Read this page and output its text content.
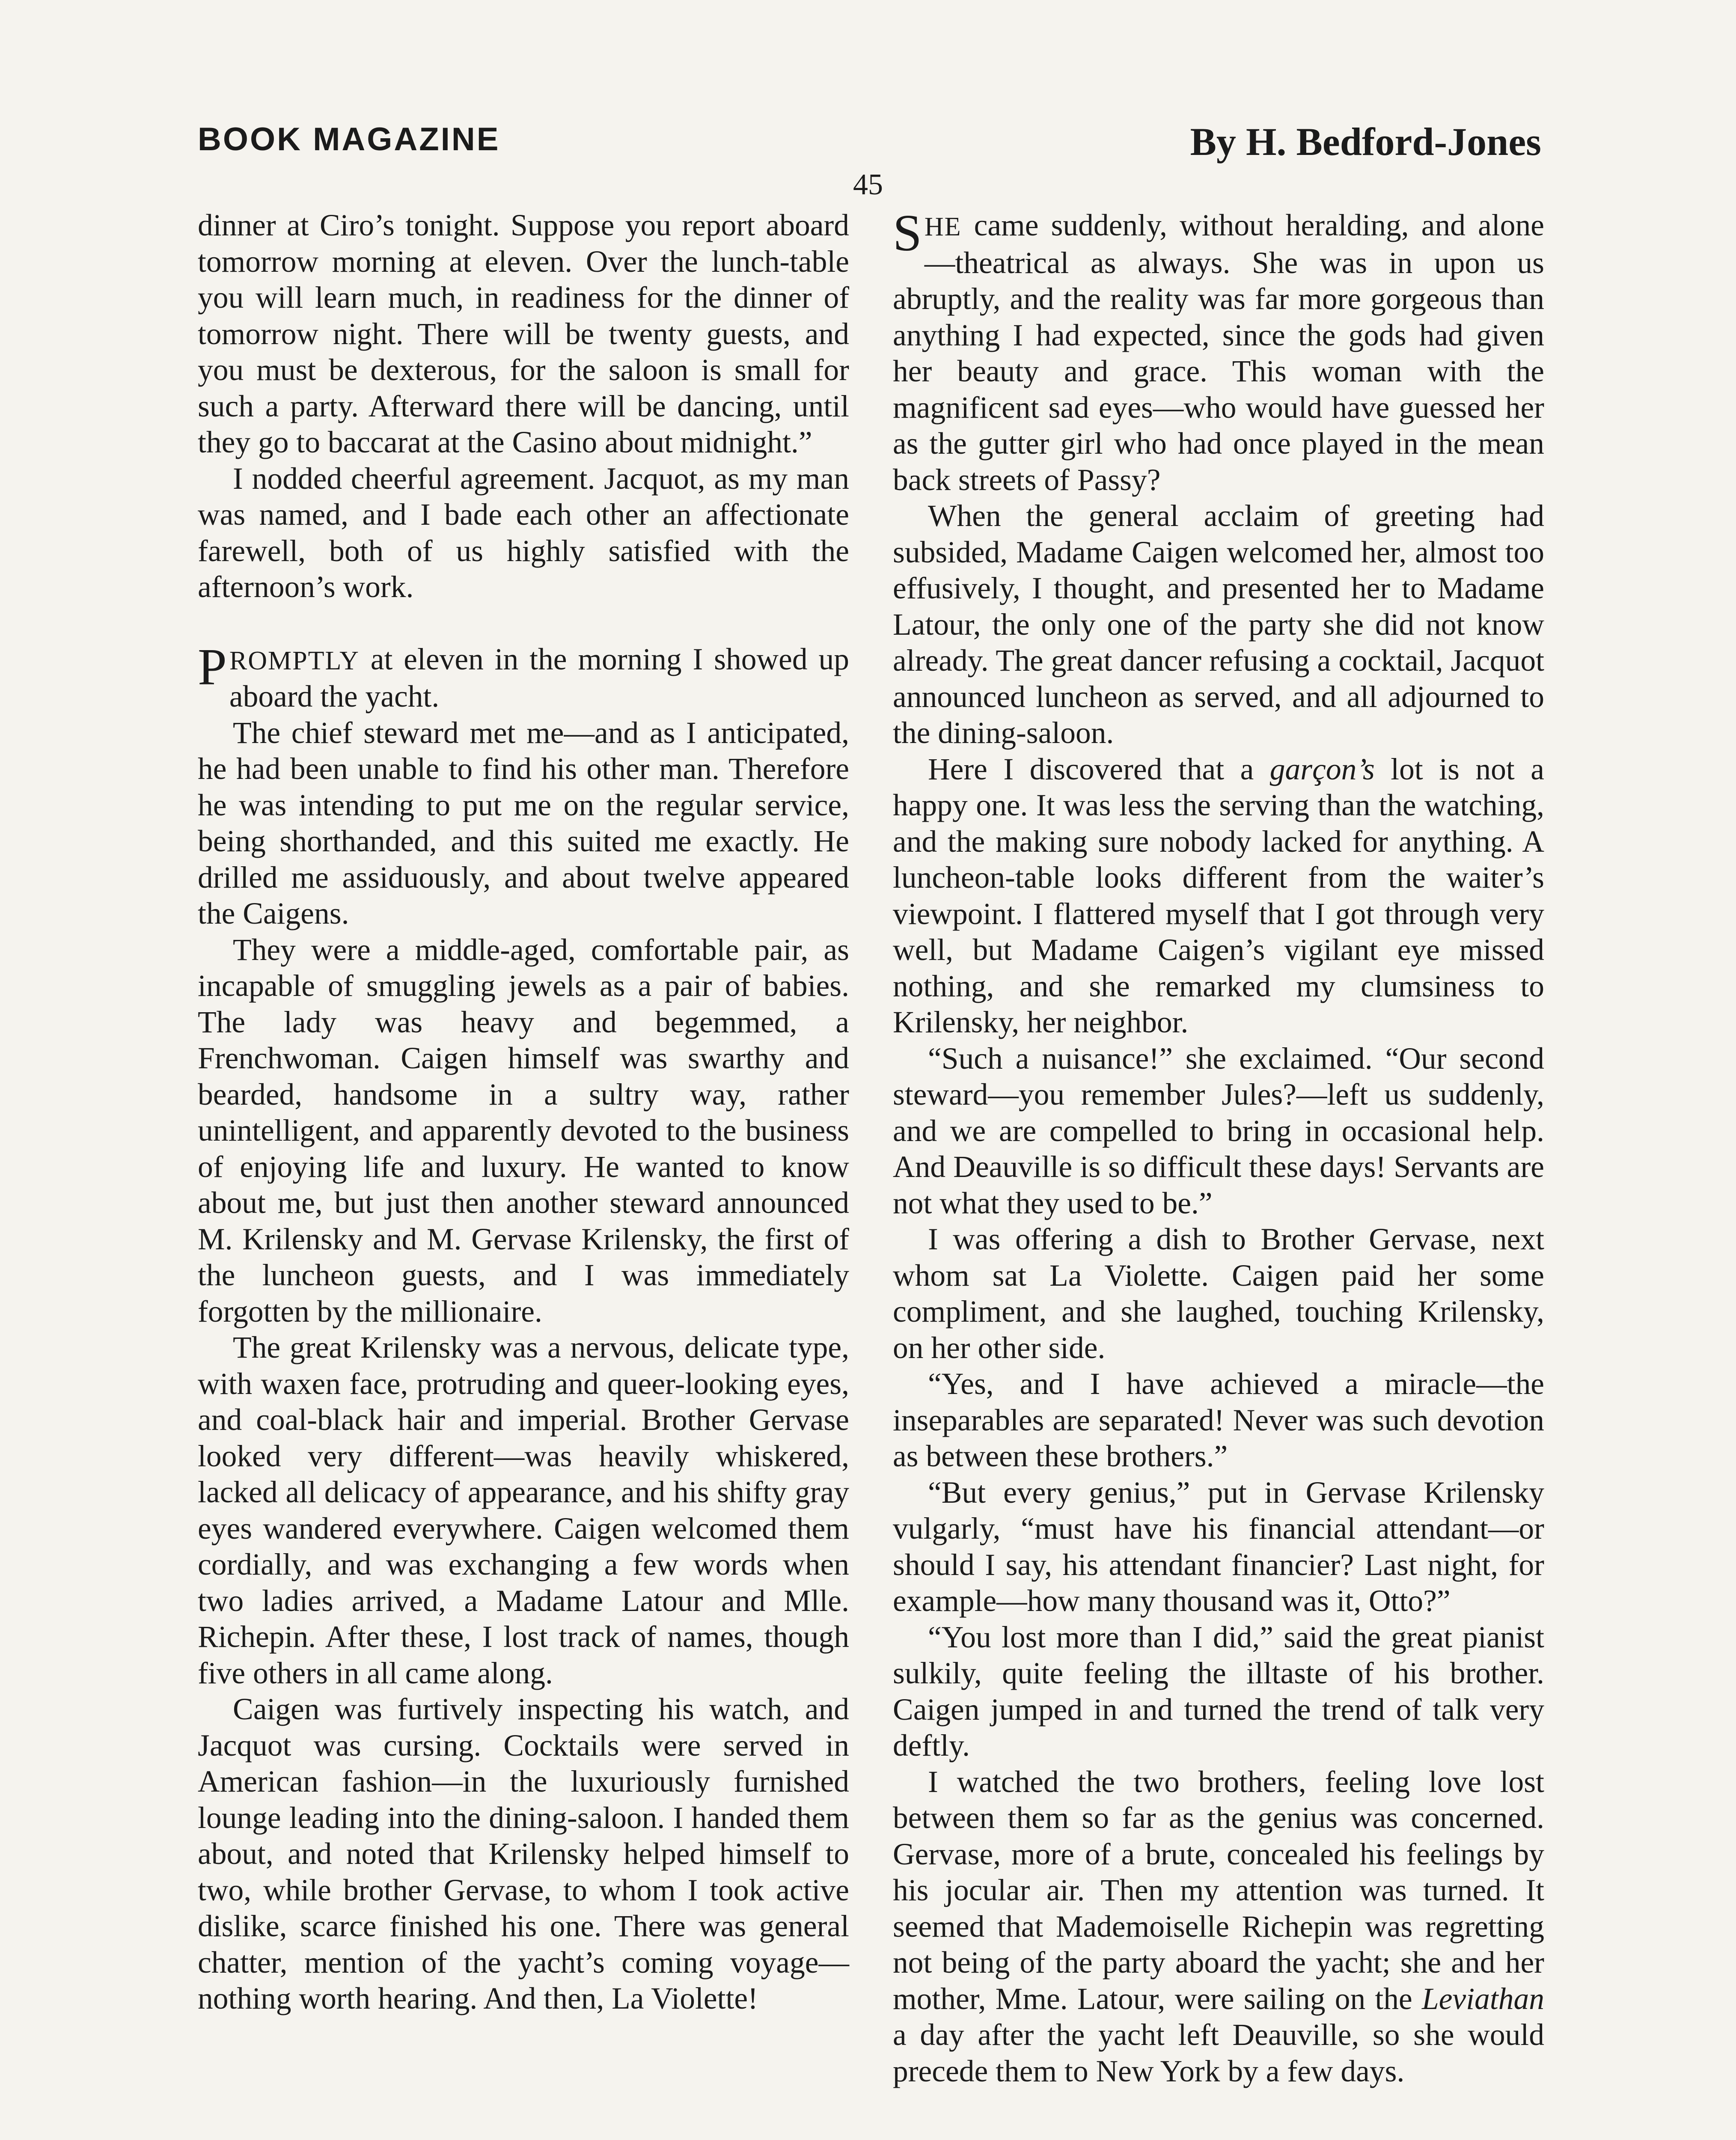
BOOK MAGAZINE	By H. Bedford-Jones
45

dinner at Ciro’s tonight. Suppose you report aboard tomorrow morning at eleven. Over the lunch-table you will learn much, in readiness for the dinner of tomorrow night. There will be twenty guests, and you must be dexterous, for the saloon is small for such a party. Afterward there will be dancing, until they go to baccarat at the Casino about midnight.”

I nodded cheerful agreement. Jacquot, as my man was named, and I bade each other an affectionate farewell, both of us highly satisfied with the afternoon’s work.

PROMPTLY at eleven in the morning I showed up aboard the yacht.

The chief steward met me—and as I anticipated, he had been unable to find his other man. Therefore he was intending to put me on the regular service, being shorthanded, and this suited me exactly. He drilled me assiduously, and about twelve appeared the Caigens.

They were a middle-aged, comfortable pair, as incapable of smuggling jewels as a pair of babies. The lady was heavy and begemmed, a Frenchwoman. Caigen himself was swarthy and bearded, handsome in a sultry way, rather unintelligent, and apparently devoted to the business of enjoying life and luxury. He wanted to know about me, but just then another steward announced M. Krilensky and M. Gervase Krilensky, the first of the luncheon guests, and I was immediately forgotten by the millionaire.

The great Krilensky was a nervous, delicate type, with waxen face, protruding and queer-looking eyes, and coal-black hair and imperial. Brother Gervase looked very different—was heavily whiskered, lacked all delicacy of appearance, and his shifty gray eyes wandered everywhere. Caigen welcomed them cordially, and was exchanging a few words when two ladies arrived, a Madame Latour and Mlle. Richepin. After these, I lost track of names, though five others in all came along.

Caigen was furtively inspecting his watch, and Jacquot was cursing. Cocktails were served in American fashion—in the luxuriously furnished lounge leading into the dining-saloon. I handed them about, and noted that Krilensky helped himself to two, while brother Gervase, to whom I took active dislike, scarce finished his one. There was general chatter, mention of the yacht’s coming voyage—nothing worth hearing. And then, La Violette!

SHE came suddenly, without heralding, and alone—theatrical as always. She was in upon us abruptly, and the reality was far more gorgeous than anything I had expected, since the gods had given her beauty and grace. This woman with the magnificent sad eyes—who would have guessed her as the gutter girl who had once played in the mean back streets of Passy?

When the general acclaim of greeting had subsided, Madame Caigen welcomed her, almost too effusively, I thought, and presented her to Madame Latour, the only one of the party she did not know already. The great dancer refusing a cocktail, Jacquot announced luncheon as served, and all adjourned to the dining-saloon.

Here I discovered that a garçon’s lot is not a happy one. It was less the serving than the watching, and the making sure nobody lacked for anything. A luncheon-table looks different from the waiter’s viewpoint. I flattered myself that I got through very well, but Madame Caigen’s vigilant eye missed nothing, and she remarked my clumsiness to Krilensky, her neighbor.

“Such a nuisance!” she exclaimed. “Our second steward—you remember Jules?—left us suddenly, and we are compelled to bring in occasional help. And Deauville is so difficult these days! Servants are not what they used to be.”

I was offering a dish to Brother Gervase, next whom sat La Violette. Caigen paid her some compliment, and she laughed, touching Krilensky, on her other side.

“Yes, and I have achieved a miracle—the inseparables are separated! Never was such devotion as between these brothers.”

“But every genius,” put in Gervase Krilensky vulgarly, “must have his financial attendant—or should I say, his attendant financier? Last night, for example—how many thousand was it, Otto?”

“You lost more than I did,” said the great pianist sulkily, quite feeling the illtaste of his brother. Caigen jumped in and turned the trend of talk very deftly.

I watched the two brothers, feeling love lost between them so far as the genius was concerned. Gervase, more of a brute, concealed his feelings by his jocular air. Then my attention was turned. It seemed that Mademoiselle Richepin was regretting not being of the party aboard the yacht; she and her mother, Mme. Latour, were sailing on the Leviathan a day after the yacht left Deauville, so she would precede them to New York by a few days.
